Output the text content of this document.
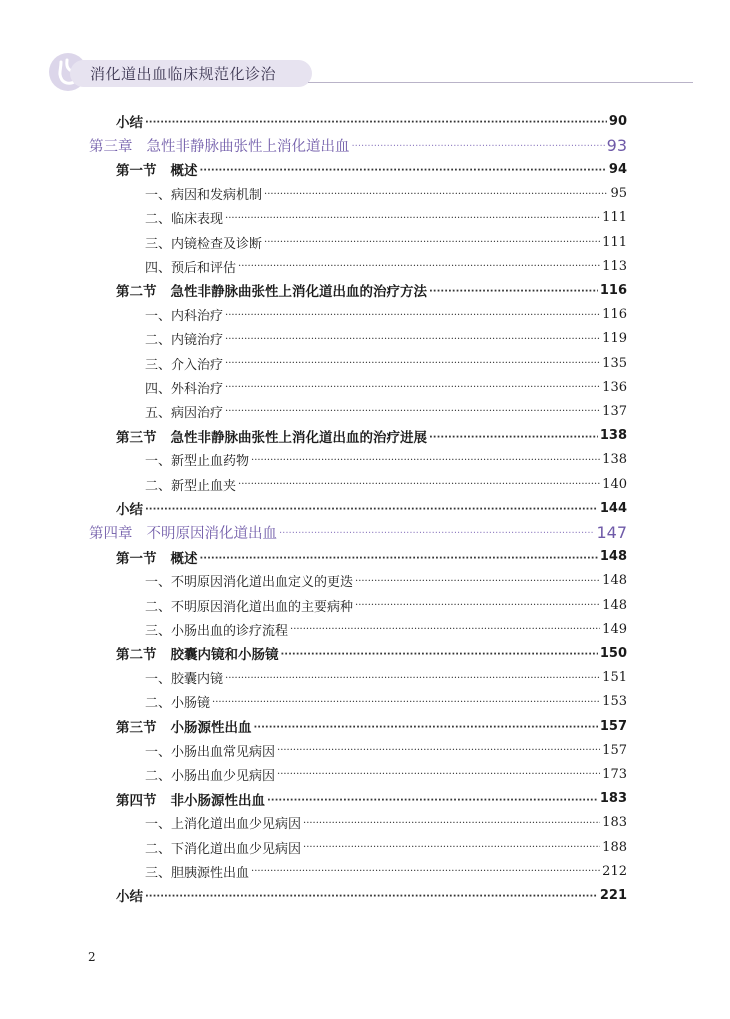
消化道出血临床规范化诊治
小结 ·····	90
第三章 急性非静脉曲张性上消化道出血 ·····	93
第一节 概述 ·····	94
一、病因和发病机制 ·····	95
二、临床表现 ·····	111
三、内镜检查及诊断 ·····	111
四、预后和评估 ·····	113
第二节 急性非静脉曲张性上消化道出血的治疗方法 ·····	116
一、内科治疗 ·····	116
二、内镜治疗 ·····	119
三、介入治疗 ·····	135
四、外科治疗 ·····	136
五、病因治疗 ·····	137
第三节 急性非静脉曲张性上消化道出血的治疗进展 ·····	138
一、新型止血药物 ·····	138
二、新型止血夹 ·····	140
小结 ·····	144
第四章 不明原因消化道出血 ·····	147
第一节 概述 ·····	148
一、不明原因消化道出血定义的更迭 ·····	148
二、不明原因消化道出血的主要病种 ·····	148
三、小肠出血的诊疗流程 ·····	149
第二节 胶囊内镜和小肠镜 ·····	150
一、胶囊内镜 ·····	151
二、小肠镜 ·····	153
第三节 小肠源性出血 ·····	157
一、小肠出血常见病因 ·····	157
二、小肠出血少见病因 ·····	173
第四节 非小肠源性出血 ·····	183
一、上消化道出血少见病因 ·····	183
二、下消化道出血少见病因 ·····	188
三、胆胰源性出血 ·····	212
小结 ·····	221
2
